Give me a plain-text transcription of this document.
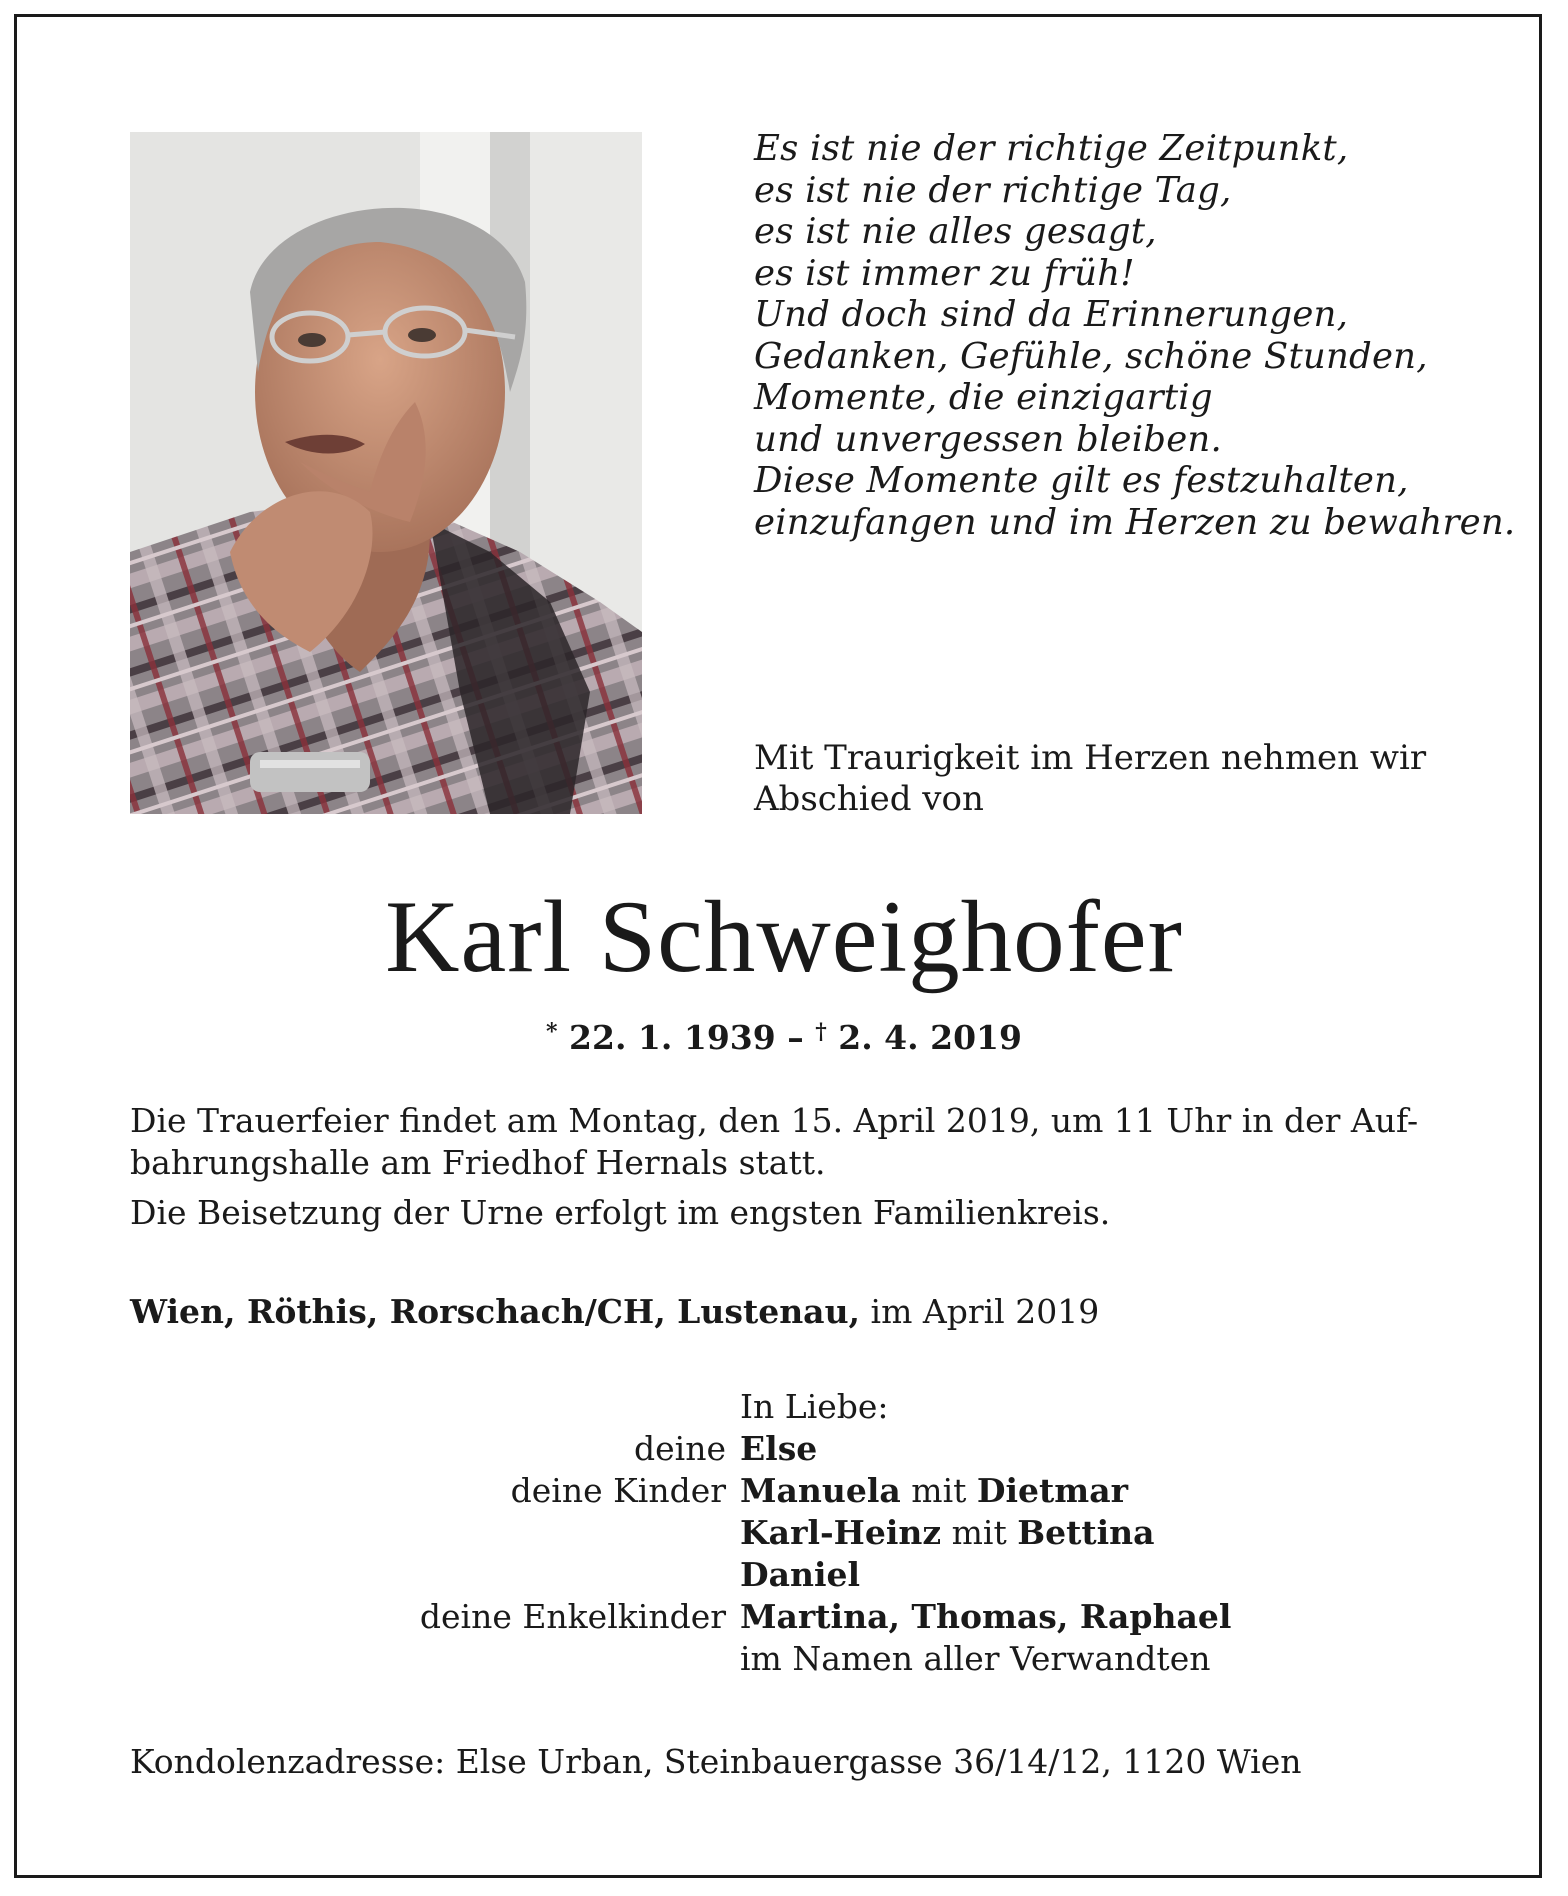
Es ist nie der richtige Zeitpunkt,
es ist nie der richtige Tag,
es ist nie alles gesagt,
es ist immer zu früh!
Und doch sind da Erinnerungen,
Gedanken, Gefühle, schöne Stunden,
Momente, die einzigartig
und unvergessen bleiben.
Diese Momente gilt es festzuhalten,
einzufangen und im Herzen zu bewahren.
Mit Traurigkeit im Herzen nehmen wir
Abschied von
Karl Schweighofer
* 22. 1. 1939 – † 2. 4. 2019
Die Trauerfeier findet am Montag, den 15. April 2019, um 11 Uhr in der Auf-
bahrungshalle am Friedhof Hernals statt.
Die Beisetzung der Urne erfolgt im engsten Familienkreis.
Wien, Röthis, Rorschach/CH, Lustenau, im April 2019
In Liebe:
deine Else
deine Kinder Manuela mit Dietmar
Karl-Heinz mit Bettina
Daniel
deine Enkelkinder Martina, Thomas, Raphael
im Namen aller Verwandten
Kondolenzadresse: Else Urban, Steinbauergasse 36/14/12, 1120 Wien
